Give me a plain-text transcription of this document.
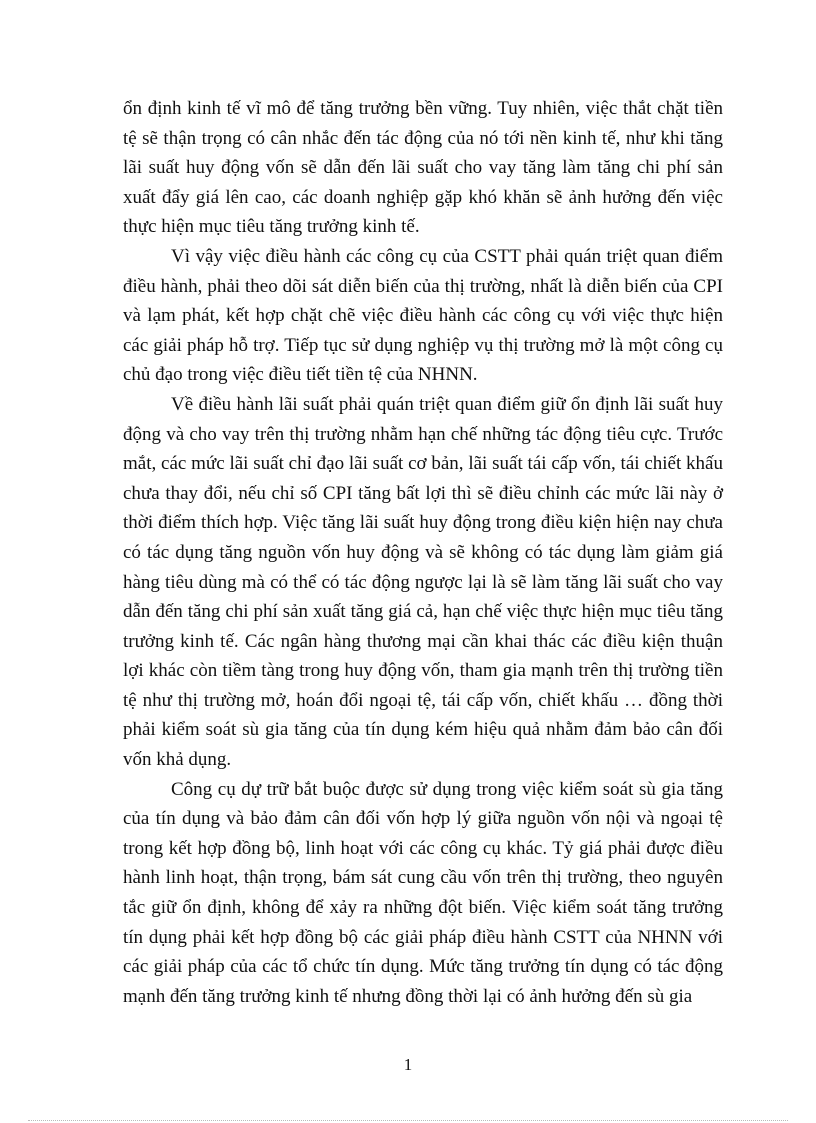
ổn định kinh tế vĩ mô để tăng trưởng bền vững. Tuy nhiên, việc thắt chặt tiền tệ sẽ thận trọng có cân nhắc đến tác động của nó tới nền kinh tế, như khi tăng lãi suất huy động vốn sẽ dẫn đến lãi suất cho vay tăng làm tăng chi phí sản xuất đẩy giá lên cao, các doanh nghiệp gặp khó khăn sẽ ảnh hưởng đến việc thực hiện mục tiêu tăng trưởng kinh tế.

Vì vậy việc điều hành các công cụ của CSTT phải quán triệt quan điểm điều hành, phải theo dõi sát diễn biến của thị trường, nhất là diễn biến của CPI và lạm phát, kết hợp chặt chẽ việc điều hành các công cụ với việc thực hiện các giải pháp hỗ trợ. Tiếp tục sử dụng nghiệp vụ thị trường mở là một công cụ chủ đạo trong việc điều tiết tiền tệ của NHNN.

Về điều hành lãi suất phải quán triệt quan điểm giữ ổn định lãi suất huy động và cho vay trên thị trường nhằm hạn chế những tác động tiêu cực. Trước mắt, các mức lãi suất chỉ đạo lãi suất cơ bản, lãi suất tái cấp vốn, tái chiết khấu chưa thay đổi, nếu chỉ số CPI tăng bất lợi thì sẽ điều chỉnh các mức lãi này ở thời điểm thích hợp. Việc tăng lãi suất huy động trong điều kiện hiện nay chưa có tác dụng tăng nguồn vốn huy động và sẽ không có tác dụng làm giảm giá hàng tiêu dùng mà có thể có tác động ngược lại là sẽ làm tăng lãi suất cho vay dẫn đến tăng chi phí sản xuất tăng giá cả, hạn chế việc thực hiện mục tiêu tăng trưởng kinh tế. Các ngân hàng thương mại cần khai thác các điều kiện thuận lợi khác còn tiềm tàng trong huy động vốn, tham gia mạnh trên thị trường tiền tệ như thị trường mở, hoán đổi ngoại tệ, tái cấp vốn, chiết khấu … đồng thời phải kiểm soát sù gia tăng của tín dụng kém hiệu quả nhằm đảm bảo cân đối vốn khả dụng.

Công cụ dự trữ bắt buộc được sử dụng trong việc kiểm soát sù gia tăng của tín dụng và bảo đảm cân đối vốn hợp lý giữa nguồn vốn nội và ngoại tệ trong kết hợp đồng bộ, linh hoạt với các công cụ khác. Tỷ giá phải được điều hành linh hoạt, thận trọng, bám sát cung cầu vốn trên thị trường, theo nguyên tắc giữ ổn định, không để xảy ra những đột biến. Việc kiểm soát tăng trưởng tín dụng phải kết hợp đồng bộ các giải pháp điều hành CSTT của NHNN với các giải pháp của các tổ chức tín dụng. Mức tăng trưởng tín dụng có tác động mạnh đến tăng trưởng kinh tế nhưng đồng thời lại có ảnh hưởng đến sù gia

1
